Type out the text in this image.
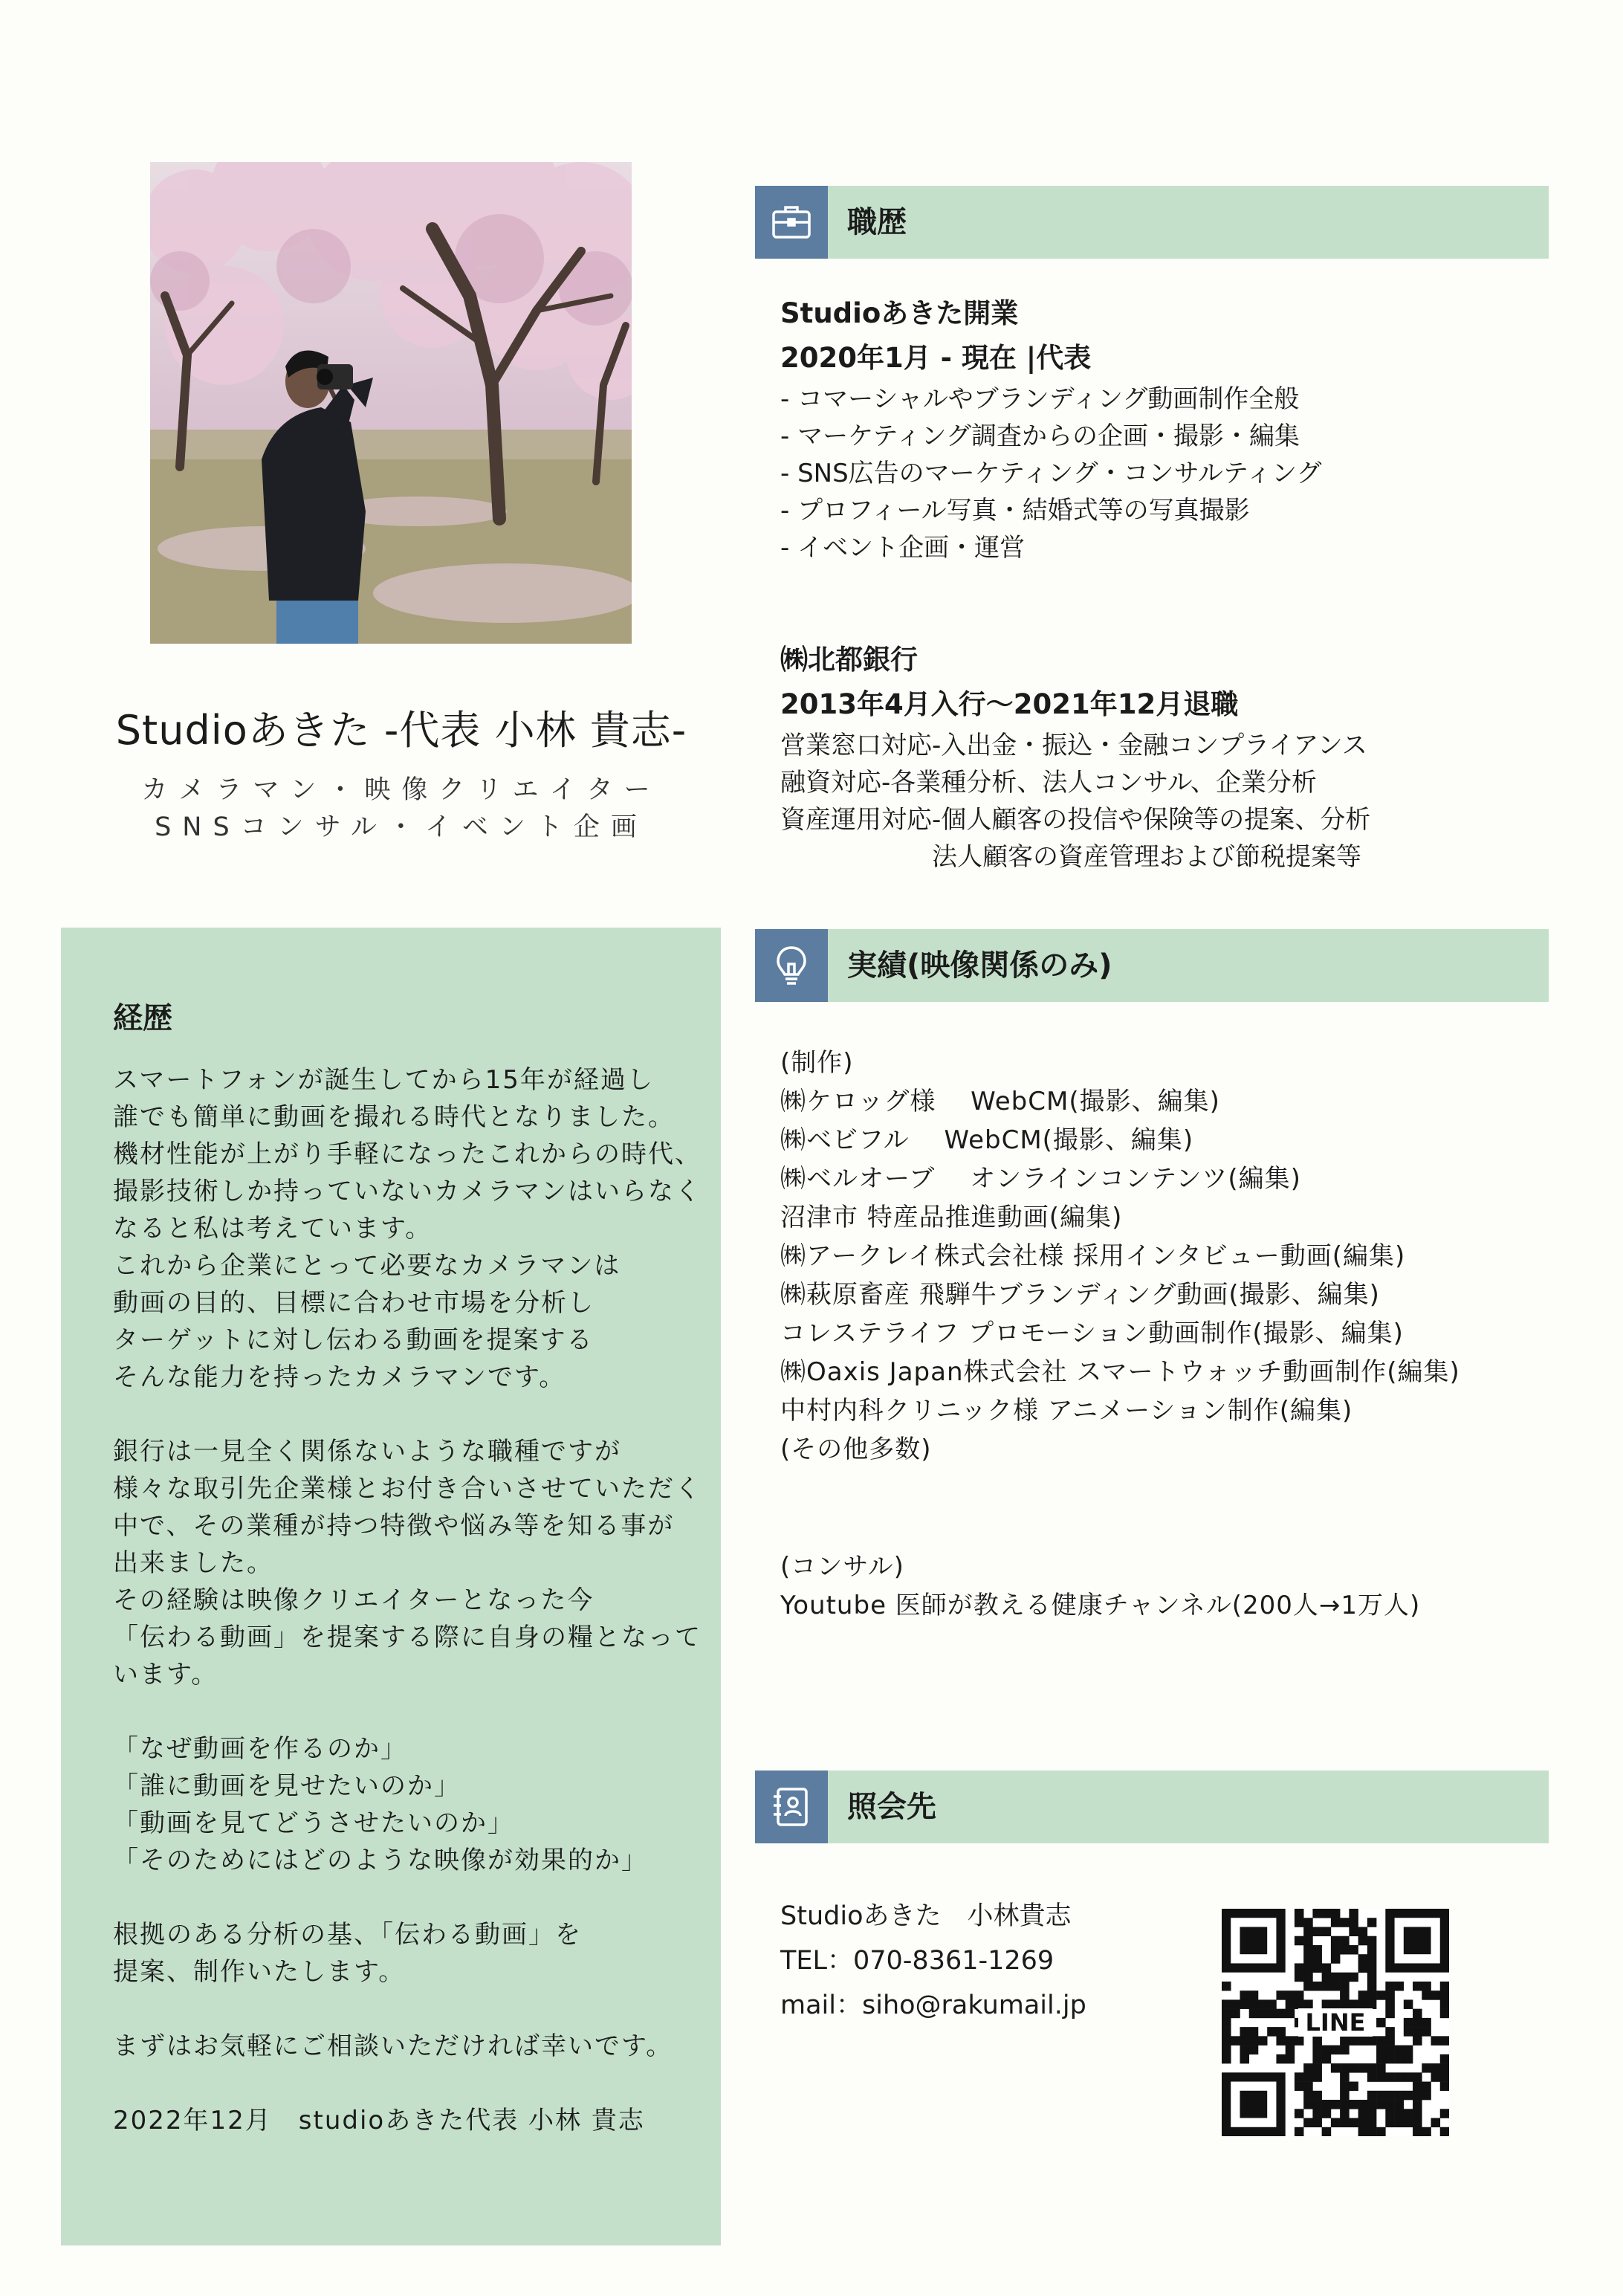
Studioあきた -代表 小林 貴志-
カメラマン・映像クリエイター
SNSコンサル・イベント企画
経歴
スマートフォンが誕生してから15年が経過し
誰でも簡単に動画を撮れる時代となりました。
機材性能が上がり手軽になったこれからの時代、
撮影技術しか持っていないカメラマンはいらなく
なると私は考えています。
これから企業にとって必要なカメラマンは
動画の目的、目標に合わせ市場を分析し
ターゲットに対し伝わる動画を提案する
そんな能力を持ったカメラマンです。
銀行は一見全く関係ないような職種ですが
様々な取引先企業様とお付き合いさせていただく
中で、その業種が持つ特徴や悩み等を知る事が
出来ました。
その経験は映像クリエイターとなった今
「伝わる動画」を提案する際に自身の糧となって
います。
「なぜ動画を作るのか」
「誰に動画を見せたいのか」
「動画を見てどうさせたいのか」
「そのためにはどのような映像が効果的か」
根拠のある分析の基、「伝わる動画」を
提案、制作いたします。
まずはお気軽にご相談いただければ幸いです。
2022年12月　studioあきた代表 小林 貴志
職歴
Studioあきた開業
2020年1月 - 現在 |代表
- コマーシャルやブランディング動画制作全般
- マーケティング調査からの企画・撮影・編集
- SNS広告のマーケティング・コンサルティング
- プロフィール写真・結婚式等の写真撮影
- イベント企画・運営
㈱北都銀行
2013年4月入行〜2021年12月退職
営業窓口対応-入出金・振込・金融コンプライアンス
融資対応-各業種分析、法人コンサル、企業分析
資産運用対応-個人顧客の投信や保険等の提案、分析
　　　　　　法人顧客の資産管理および節税提案等
実績(映像関係のみ)
(制作)
㈱ケロッグ様　 WebCM(撮影、編集)
㈱ベビフル　 WebCM(撮影、編集)
㈱ベルオーブ　 オンラインコンテンツ(編集)
沼津市 特産品推進動画(編集)
㈱アークレイ株式会社様 採用インタビュー動画(編集)
㈱萩原畜産 飛騨牛ブランディング動画(撮影、編集)
コレステライフ プロモーション動画制作(撮影、編集)
㈱Oaxis Japan株式会社 スマートウォッチ動画制作(編集)
中村内科クリニック様 アニメーション制作(編集)
(その他多数)
(コンサル)
Youtube 医師が教える健康チャンネル(200人→1万人)
照会先
Studioあきた　小林貴志
TEL：070-8361-1269
mail：siho@rakumail.jp
LINE
